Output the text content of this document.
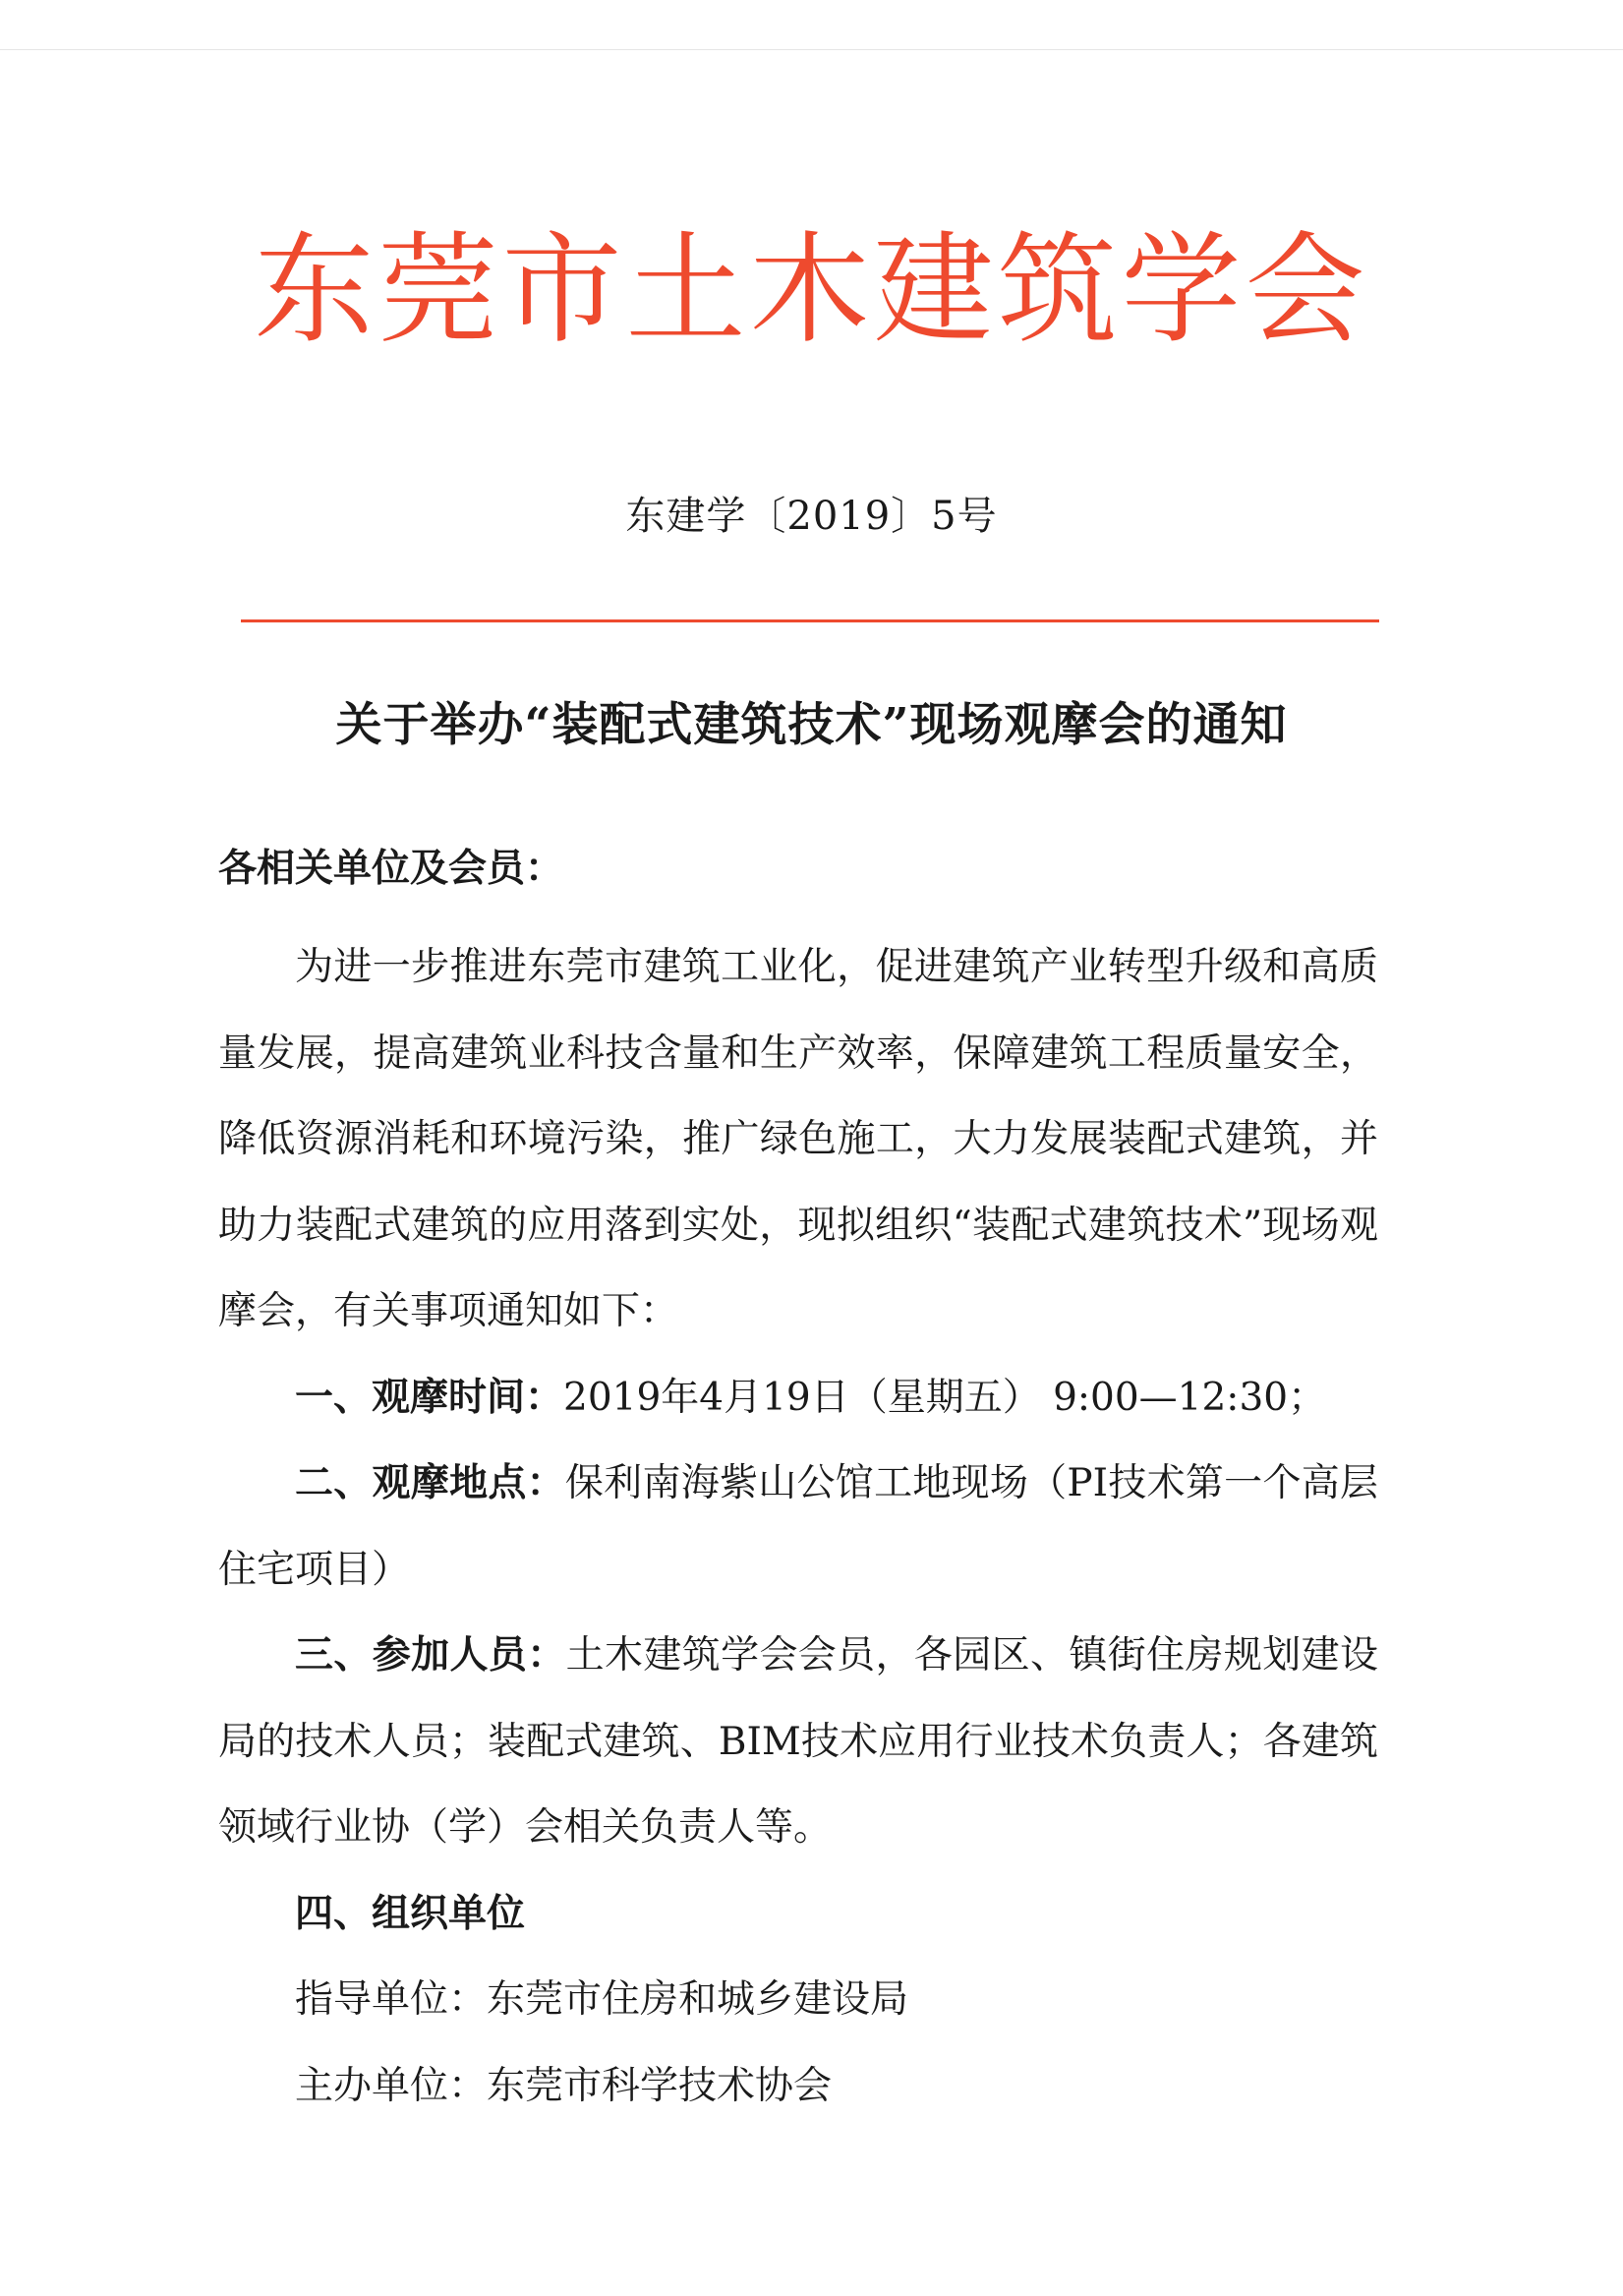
东莞市土木建筑学会
东建学〔2019〕5号
关于举办“装配式建筑技术”现场观摩会的通知
各相关单位及会员：

为进一步推进东莞市建筑工业化，促进建筑产业转型升级和高质量发展，提高建筑业科技含量和生产效率，保障建筑工程质量安全，降低资源消耗和环境污染，推广绿色施工，大力发展装配式建筑，并助力装配式建筑的应用落到实处，现拟组织“装配式建筑技术”现场观摩会，有关事项通知如下：

一、观摩时间：2019年4月19日（星期五） 9:00—12:30；

二、观摩地点：保利南海紫山公馆工地现场（PI技术第一个高层住宅项目）

三、参加人员：土木建筑学会会员，各园区、镇街住房规划建设局的技术人员；装配式建筑、BIM技术应用行业技术负责人；各建筑领域行业协（学）会相关负责人等。

四、组织单位

指导单位：东莞市住房和城乡建设局

主办单位：东莞市科学技术协会
